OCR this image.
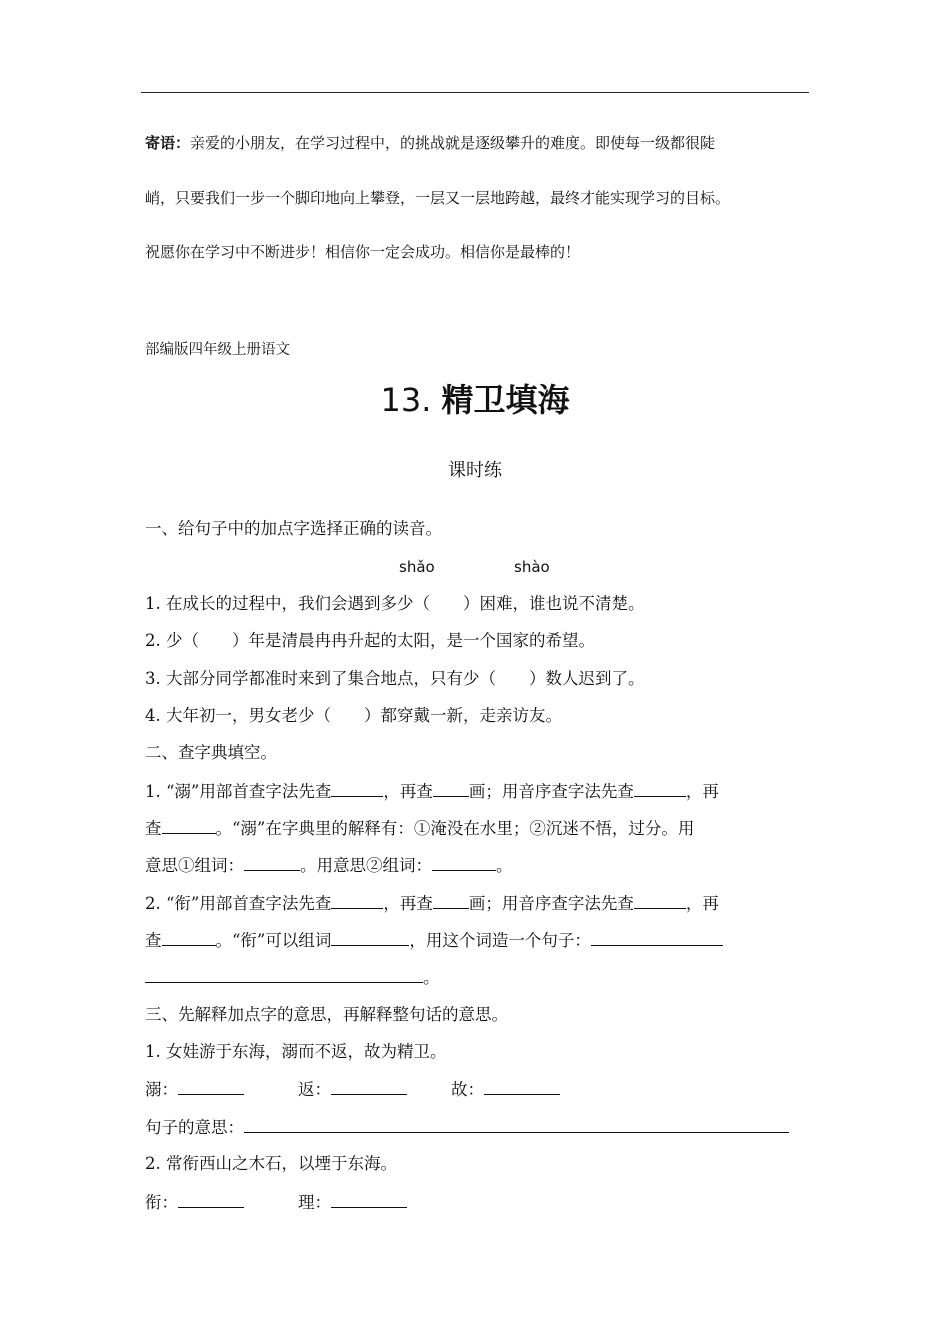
寄语：亲爱的小朋友，在学习过程中，的挑战就是逐级攀升的难度。即使每一级都很陡
峭，只要我们一步一个脚印地向上攀登，一层又一层地跨越，最终才能实现学习的目标。
祝愿你在学习中不断进步！相信你一定会成功。相信你是最棒的！
部编版四年级上册语文
13. 精卫填海
课时练
一、给句子中的加点字选择正确的读音。
shǎo	shào
1. 在成长的过程中，我们会遇到多少（　　）困难，谁也说不清楚。
2. 少（　　）年是清晨冉冉升起的太阳，是一个国家的希望。
3. 大部分同学都准时来到了集合地点，只有少（　　）数人迟到了。
4. 大年初一，男女老少（　　）都穿戴一新，走亲访友。
二、查字典填空。
1. “溺”用部首查字法先查	，再查 画；用音序查字法先查	，再
查	。“溺”在字典里的解释有：①淹没在水里；②沉迷不悟，过分。用
意思①组词：	。用意思②组词：	。
2. “衔”用部首查字法先查	，再查 画；用音序查字法先查	，再
查	。“衔”可以组词	，用这个词造一个句子：
。
三、先解释加点字的意思，再解释整句话的意思。
1. 女娃游于东海，溺而不返，故为精卫。
溺：	返：	故：
句子的意思：
2. 常衔西山之木石，以堙于东海。
衔：	理：
